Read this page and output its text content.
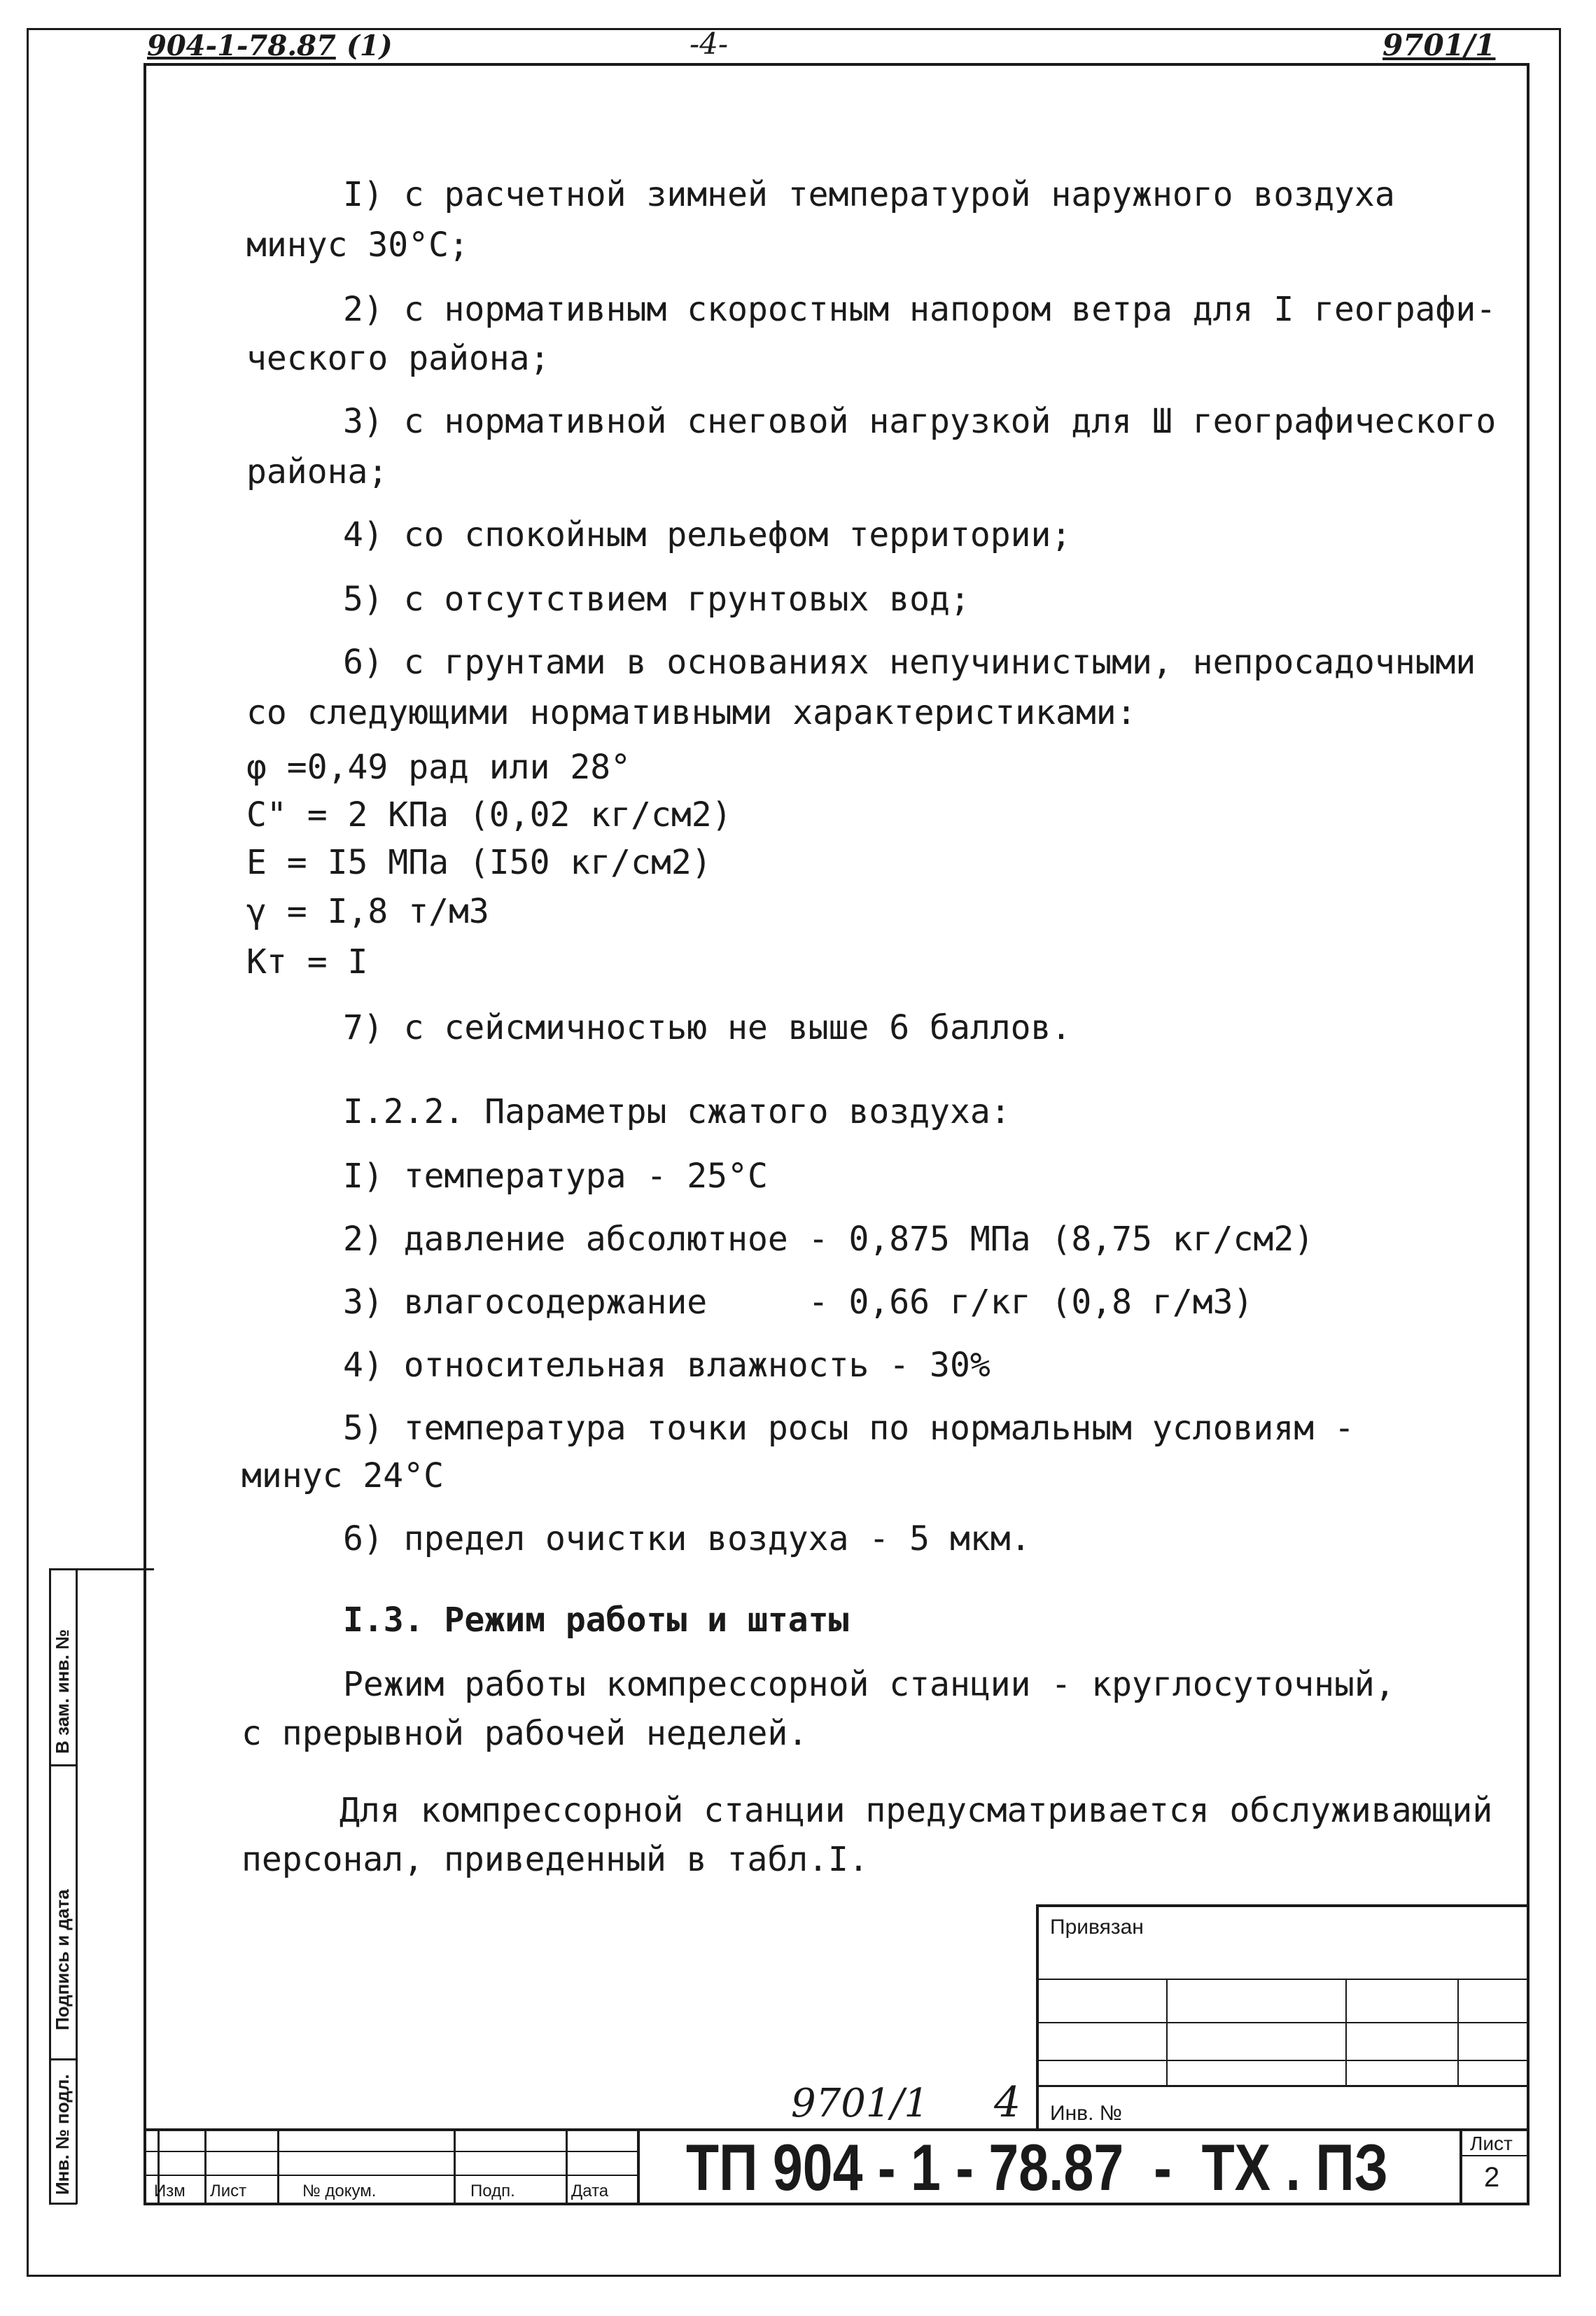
904-1-78.87 (1)	-4-	9701/1
I) с расчетной зимней температурой наружного воздуха
минус 30°С;
2) с нормативным скоростным напором ветра для I географи-
ческого района;
3) с нормативной снеговой нагрузкой для Ш географического
района;
4) со спокойным рельефом территории;
5) с отсутствием грунтовых вод;
6) с грунтами в основаниях непучинистыми, непросадочными
со следующими нормативными характеристиками:
φ =0,49 рад или 28°
С" = 2 КПа (0,02 кг/см2)
Е = I5 МПа (I50 кг/см2)
γ = I,8 т/м3
Кт = I
7) с сейсмичностью не выше 6 баллов.
I.2.2. Параметры сжатого воздуха:
I) температура - 25°С
2) давление абсолютное - 0,875 МПа (8,75 кг/см2)
3) влагосодержание     - 0,66 г/кг (0,8 г/м3)
4) относительная влажность - 30%
5) температура точки росы по нормальным условиям -
минус 24°С
6) предел очистки воздуха - 5 мкм.
I.3. Режим работы и штаты
Режим работы компрессорной станции - круглосуточный,
с прерывной рабочей неделей.
Для компрессорной станции предусматривается обслуживающий
персонал, приведенный в табл.I.
В зам. инв. №
Подпись и дата
Инв. № подл.
Привязан
Инв. №
9701/1 4
Изм Лист	№ докум.	Подп.	Дата ТП 904 - 1 - 78.87  -  ТХ . ПЗ	Лист
2
